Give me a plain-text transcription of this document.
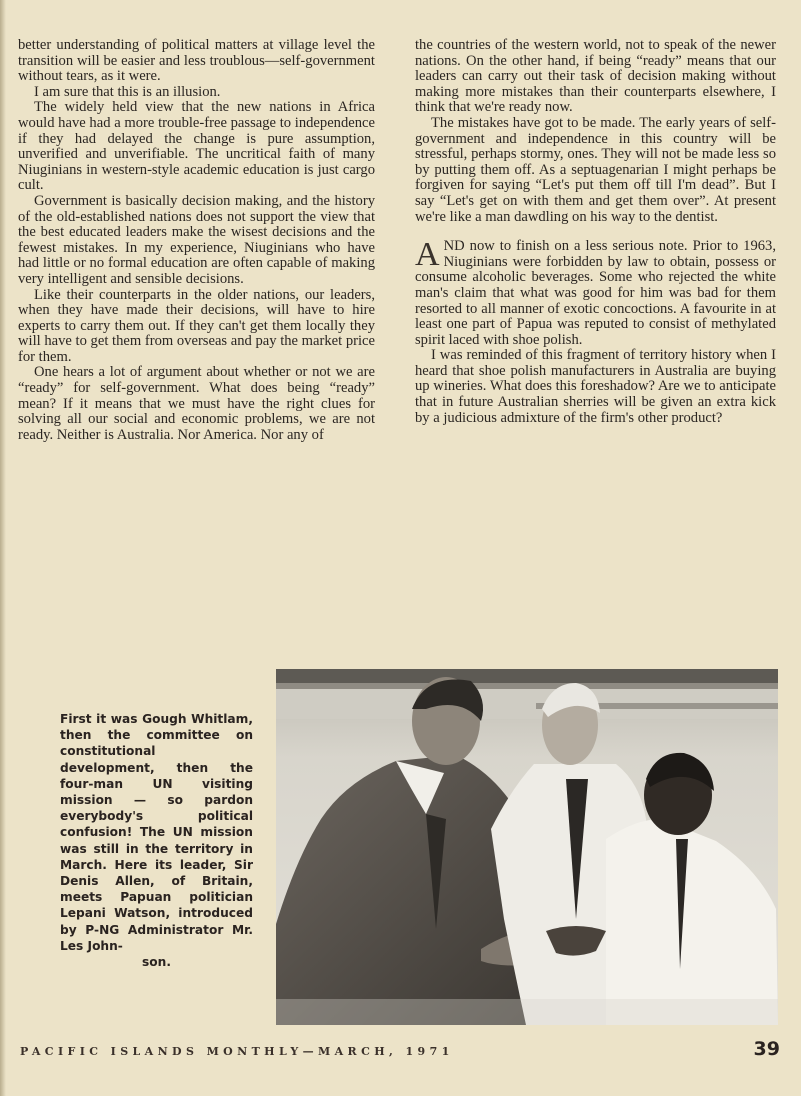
better understanding of political matters at village level the transition will be easier and less troublous—self-government without tears, as it were.

I am sure that this is an illusion.

The widely held view that the new nations in Africa would have had a more trouble-free passage to independence if they had delayed the change is pure assumption, unverified and unverifiable. The uncritical faith of many Niuginians in western-style academic education is just cargo cult.

Government is basically decision making, and the history of the old-established nations does not support the view that the best educated leaders make the wisest decisions and the fewest mistakes. In my experience, Niuginians who have had little or no formal education are often capable of making very intelligent and sensible decisions.

Like their counterparts in the older nations, our leaders, when they have made their decisions, will have to hire experts to carry them out. If they can't get them locally they will have to get them from overseas and pay the market price for them.

One hears a lot of argument about whether or not we are “ready” for self-government. What does being “ready” mean? If it means that we must have the right clues for solving all our social and economic problems, we are not ready. Neither is Australia. Nor America. Nor any of

the countries of the western world, not to speak of the newer nations. On the other hand, if being “ready” means that our leaders can carry out their task of decision making without making more mistakes than their counterparts elsewhere, I think that we're ready now.

The mistakes have got to be made. The early years of self-government and independence in this country will be stressful, perhaps stormy, ones. They will not be made less so by putting them off. As a septuagenarian I might perhaps be forgiven for saying “Let's put them off till I'm dead”. But I say “Let's get on with them and get them over”. At present we're like a man dawdling on his way to the dentist.

AND now to finish on a less serious note. Prior to 1963, Niuginians were forbidden by law to obtain, possess or consume alcoholic beverages. Some who rejected the white man's claim that what was good for him was bad for them resorted to all manner of exotic concoctions. A favourite in at least one part of Papua was reputed to consist of methylated spirit laced with shoe polish.

I was reminded of this fragment of territory history when I heard that shoe polish manufacturers in Australia are buying up wineries. What does this foreshadow? Are we to anticipate that in future Australian sherries will be given an extra kick by a judicious admixture of the firm's other product?

First it was Gough Whitlam, then the committee on constitutional development, then the four-man UN visiting mission — so pardon everybody's political confusion! The UN mission was still in the territory in March. Here its leader, Sir Denis Allen, of Britain, meets Papuan politician Lepani Watson, introduced by P-NG Administrator Mr. Les John-
son.
PACIFIC ISLANDS MONTHLY—MARCH, 1971	39
